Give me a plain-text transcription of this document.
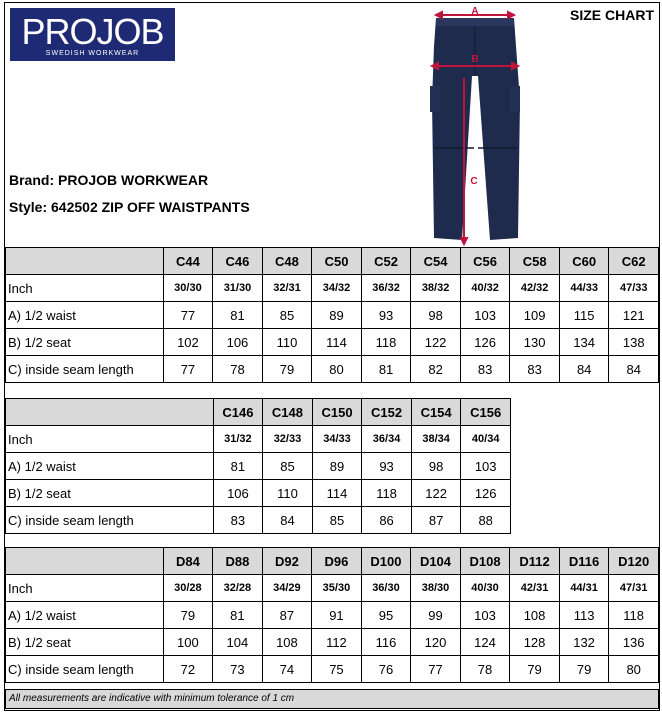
PROJOB
SWEDISH WORKWEAR
SIZE CHART
Brand: PROJOB WORKWEAR
Style: 642502 ZIP OFF WAISTPANTS
A
B
C
	C44	C46	C48	C50	C52	C54	C56	C58	C60	C62
Inch	30/30	31/30	32/31	34/32	36/32	38/32	40/32	42/32	44/33	47/33
A) 1/2 waist	77	81	85	89	93	98	103	109	115	121
B) 1/2 seat	102	106	110	114	118	122	126	130	134	138
C) inside seam length	77	78	79	80	81	82	83	83	84	84
	C146	C148	C150	C152	C154	C156
Inch	31/32	32/33	34/33	36/34	38/34	40/34
A) 1/2 waist	81	85	89	93	98	103
B) 1/2 seat	106	110	114	118	122	126
C) inside seam length	83	84	85	86	87	88
	D84	D88	D92	D96	D100	D104	D108	D112	D116	D120
Inch	30/28	32/28	34/29	35/30	36/30	38/30	40/30	42/31	44/31	47/31
A) 1/2 waist	79	81	87	91	95	99	103	108	113	118
B) 1/2 seat	100	104	108	112	116	120	124	128	132	136
C) inside seam length	72	73	74	75	76	77	78	79	79	80
All measurements are indicative with minimum tolerance of 1 cm
